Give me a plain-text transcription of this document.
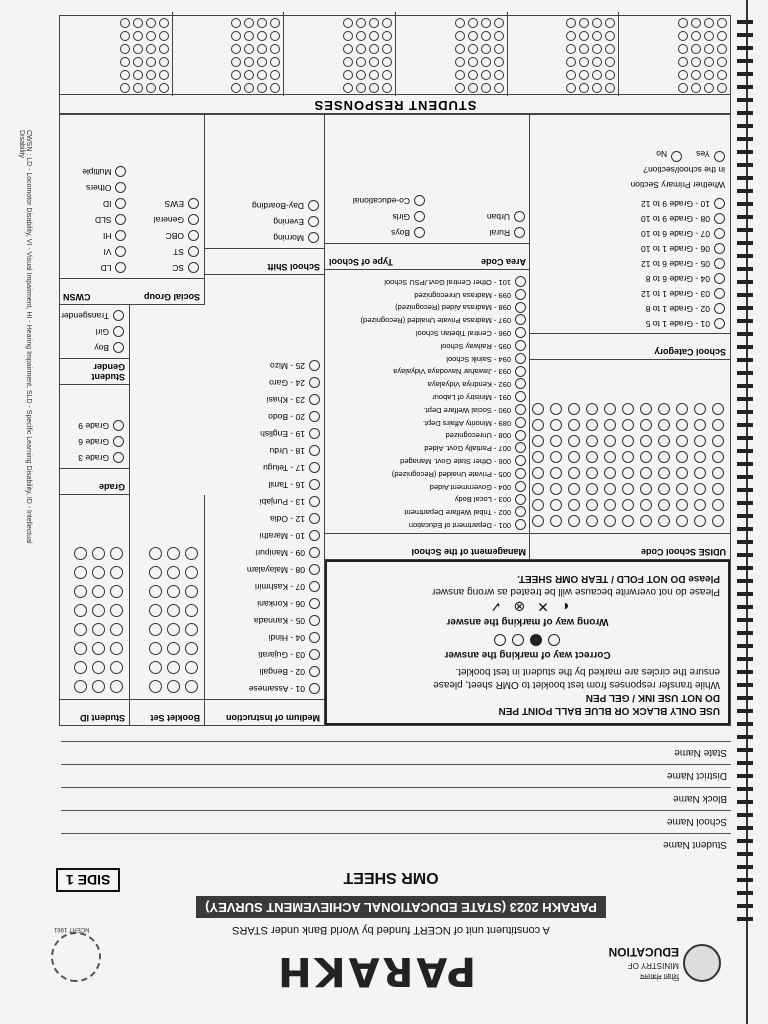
शिक्षा मंत्रालय
MINISTRY OF
EDUCATION
PARAKH
NCERT 1961	A constituent unit of NCERT funded by World Bank under STARS
PARAKH 2023 (STATE EDUCATIONAL ACHIEVEMENT SURVEY)
OMR SHEET
SIDE 1
Student Name
School Name
Block Name
District Name
State Name
USE ONLY BLACK OR BLUE BALL POINT PEN
DO NOT USE INK / GEL PEN
While transfer responses from test booklet to OMR sheet, please
ensure the circles are marked by the student in test booklet.
Correct way of marking the answer
Wrong way of marking the answer
◐ ✕ ⊗ ✓
Please do not overwrite because will be treated as wrong answer
Please DO NOT FOLD / TEAR OMR SHEET.
Medium of Instruction
01 - Assamese
02 - Bengali
03 - Gujarati
04 - Hindi
05 - Kannada
06 - Konkani
07 - Kashmiri
08 - Malayalam
09 - Manipuri
10 - Marathi
12 - Odia
13 - Punjabi
16 - Tamil
17 - Telugu
18 - Urdu
19 - English
20 - Bodo
23 - Khasi
24 - Garo
25 - Mizo
Booklet Set
Student ID
UDISE School Code
Management of the School
001 - Department of Education
002 - Tribal Welfare Department
003 - Local Body
004 - Government Aided
005 - Private Unaided (Recognized)
006 - Other State Govt. Managed
007 - Partially Govt. Aided
008 - Unrecognized
089 - Minority Affairs Dept.
090 - Social Welfare Dept.
091 - Ministry of Labour
092 - Kendriya Vidyalaya
093 - Jawahar Navodaya Vidyalaya
094 - Sainik School
095 - Railway School
096 - Central Tibetan School
097 - Madrasa Private Unaided (Recognized)
098 - Madrasa Aided (Recognized)
099 - Madrasa Unrecognized
101 - Other Central Govt./PSU School
Grade
Grade 3
Grade 6
Grade 9
Student Gender
Boy
Girl
Transgender
Social Group
CWSN
SC
ST
OBC
General
EWS
LD
VI
HI
SLD
ID
Others
Multiple
School Category
01 - Grade 1 to 5
02 - Grade 1 to 8
03 - Grade 1 to 12
04 - Grade 6 to 8
05 - Grade 6 to 12
06 - Grade 1 to 10
07 - Grade 6 to 10
08 - Grade 9 to 10
10 - Grade 9 to 12
Whether Primary Section
in the school/section?
Yes
No
Area Code
Type of School
Rural
Urban
Boys
Girls
Co-educational
School Shift
Morning
Evening
Day-Boarding
STUDENT RESPONSES
CWSN : LD - Locomotor Disability, VI - Visual Impairment, HI - Hearing Impairment, SLD - Specific Learning Disability, ID - Intellectual Disability
